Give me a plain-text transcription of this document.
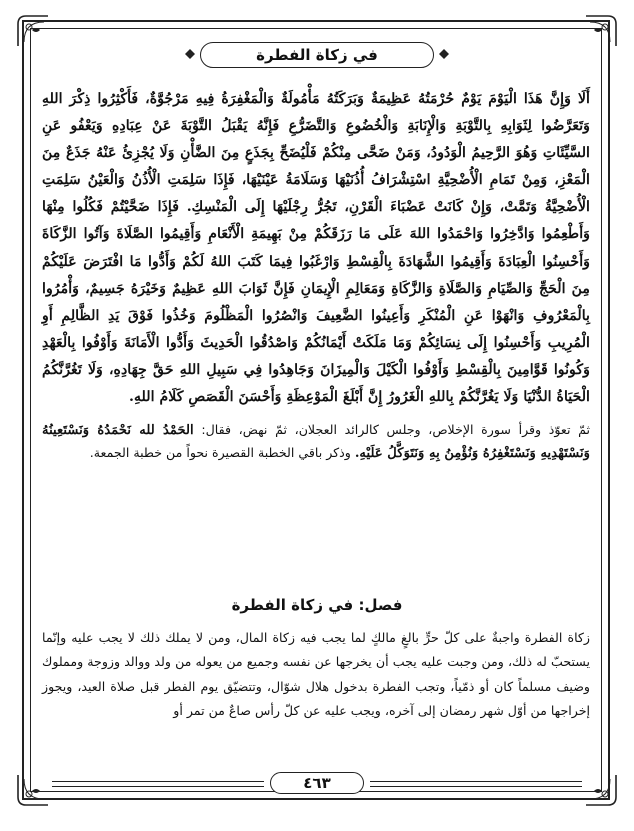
في زكاة الفطرة

أَلَا وَإِنَّ هَذَا الْيَوْمَ يَوْمٌ حُرْمَتُهُ عَظِيمَةٌ وَبَرَكَتُهُ مَأْمُولَةٌ وَالْمَغْفِرَةُ فِيهِ مَرْجُوَّةٌ، فَأَكْثِرُوا ذِكْرَ اللهِ وَتَعَرَّضُوا لِثَوَابِهِ بِالتَّوْبَةِ وَالْإِنَابَةِ وَالْخُضُوعِ وَالتَّضَرُّعِ فَإِنَّهُ يَقْبَلُ التَّوْبَةَ عَنْ عِبَادِهِ وَيَعْفُو عَنِ السَّيِّئَاتِ وَهُوَ الرَّحِيمُ الْوَدُودُ، وَمَنْ ضَحَّى مِنْكُمْ فَلْيُضَحِّ بِجَذَعٍ مِنَ الضَّأْنِ وَلَا يُجْزِئُ عَنْهُ جَذَعٌ مِنَ الْمَعْزِ، وَمِنْ تَمَامِ الْأُضْحِيَّةِ اسْتِشْرَافُ أُذُنَيْهَا وَسَلَامَةُ عَيْنَيْهَا، فَإِذَا سَلِمَتِ الْأُذُنُ وَالْعَيْنُ سَلِمَتِ الْأُضْحِيَّةُ وَتَمَّتْ، وَإِنْ كَانَتْ عَضْبَاءَ الْقَرْنِ، تَجُرُّ رِجْلَيْهَا إِلَى الْمَنْسِكِ. فَإِذَا ضَحَّيْتُمْ فَكُلُوا مِنْهَا وَأَطْعِمُوا وَادَّخِرُوا وَاحْمَدُوا اللهَ عَلَى مَا رَزَقَكُمْ مِنْ بَهِيمَةِ الْأَنْعَامِ وَأَقِيمُوا الصَّلَاةَ وَآتُوا الزَّكَاةَ وَأَحْسِنُوا الْعِبَادَةَ وَأَقِيمُوا الشَّهَادَةَ بِالْقِسْطِ وَارْغَبُوا فِيمَا كَتَبَ اللهُ لَكُمْ وَأَدُّوا مَا افْتَرَضَ عَلَيْكُمْ مِنَ الْحَجِّ وَالصِّيَامِ وَالصَّلَاةِ وَالزَّكَاةِ وَمَعَالِمِ الْإِيمَانِ فَإِنَّ ثَوَابَ اللهِ عَظِيمٌ وَخَيْرَهُ جَسِيمٌ، وَأْمُرُوا بِالْمَعْرُوفِ وَانْهَوْا عَنِ الْمُنْكَرِ وَأَعِينُوا الضَّعِيفَ وَانْصُرُوا الْمَظْلُومَ وَخُذُوا فَوْقَ يَدِ الظَّالِمِ أَوِ الْمُرِيبِ وَأَحْسِنُوا إِلَى نِسَائِكُمْ وَمَا مَلَكَتْ أَيْمَانُكُمْ وَاصْدُقُوا الْحَدِيثَ وَأَدُّوا الْأَمَانَةَ وَأَوْفُوا بِالْعَهْدِ وَكُونُوا قَوَّامِينَ بِالْقِسْطِ وَأَوْفُوا الْكَيْلَ وَالْمِيزَانَ وَجَاهِدُوا فِي سَبِيلِ اللهِ حَقَّ جِهَادِهِ، وَلَا تَغُرَّنَّكُمُ الْحَيَاةُ الدُّنْيَا وَلَا يَغُرَّنَّكُمْ بِاللهِ الْغَرُورُ إِنَّ أَبْلَغَ الْمَوْعِظَةِ وَأَحْسَنَ الْقَصَصِ كَلَامُ اللهِ.

ثمّ تعوّذ وقرأ سورة الإخلاص، وجلس كالرائد العجلان، ثمّ نهض، فقال: الحَمْدُ لله نَحْمَدُهُ وَنَسْتَعِينُهُ وَنَسْتَهْدِيهِ وَنَسْتَغْفِرُهُ وَنُؤْمِنُ بِهِ وَنَتَوَكَّلُ عَلَيْهِ. وذكر باقي الخطبة القصيرة نحواً من خطبة الجمعة.

فصل: في زكاة الفطرة

زكاة الفطرة واجبةٌ على كلّ حرٍّ بالغٍ مالكٍ لما يجب فيه زكاة المال، ومن لا يملك ذلك لا يجب عليه وإنّما يستحبّ له ذلك، ومن وجبت عليه يجب أن يخرجها عن نفسه وجميع من يعوله من ولد ووالد وزوجة ومملوك وضيف مسلماً كان أو ذمّياً، وتجب الفطرة بدخول هلال شوّال، وتتضيّق يوم الفطر قبل صلاة العيد، ويجوز إخراجها من أوّل شهر رمضان إلى آخره، ويجب عليه عن كلّ رأس صاعٌ من تمر أو

٤٦٣
